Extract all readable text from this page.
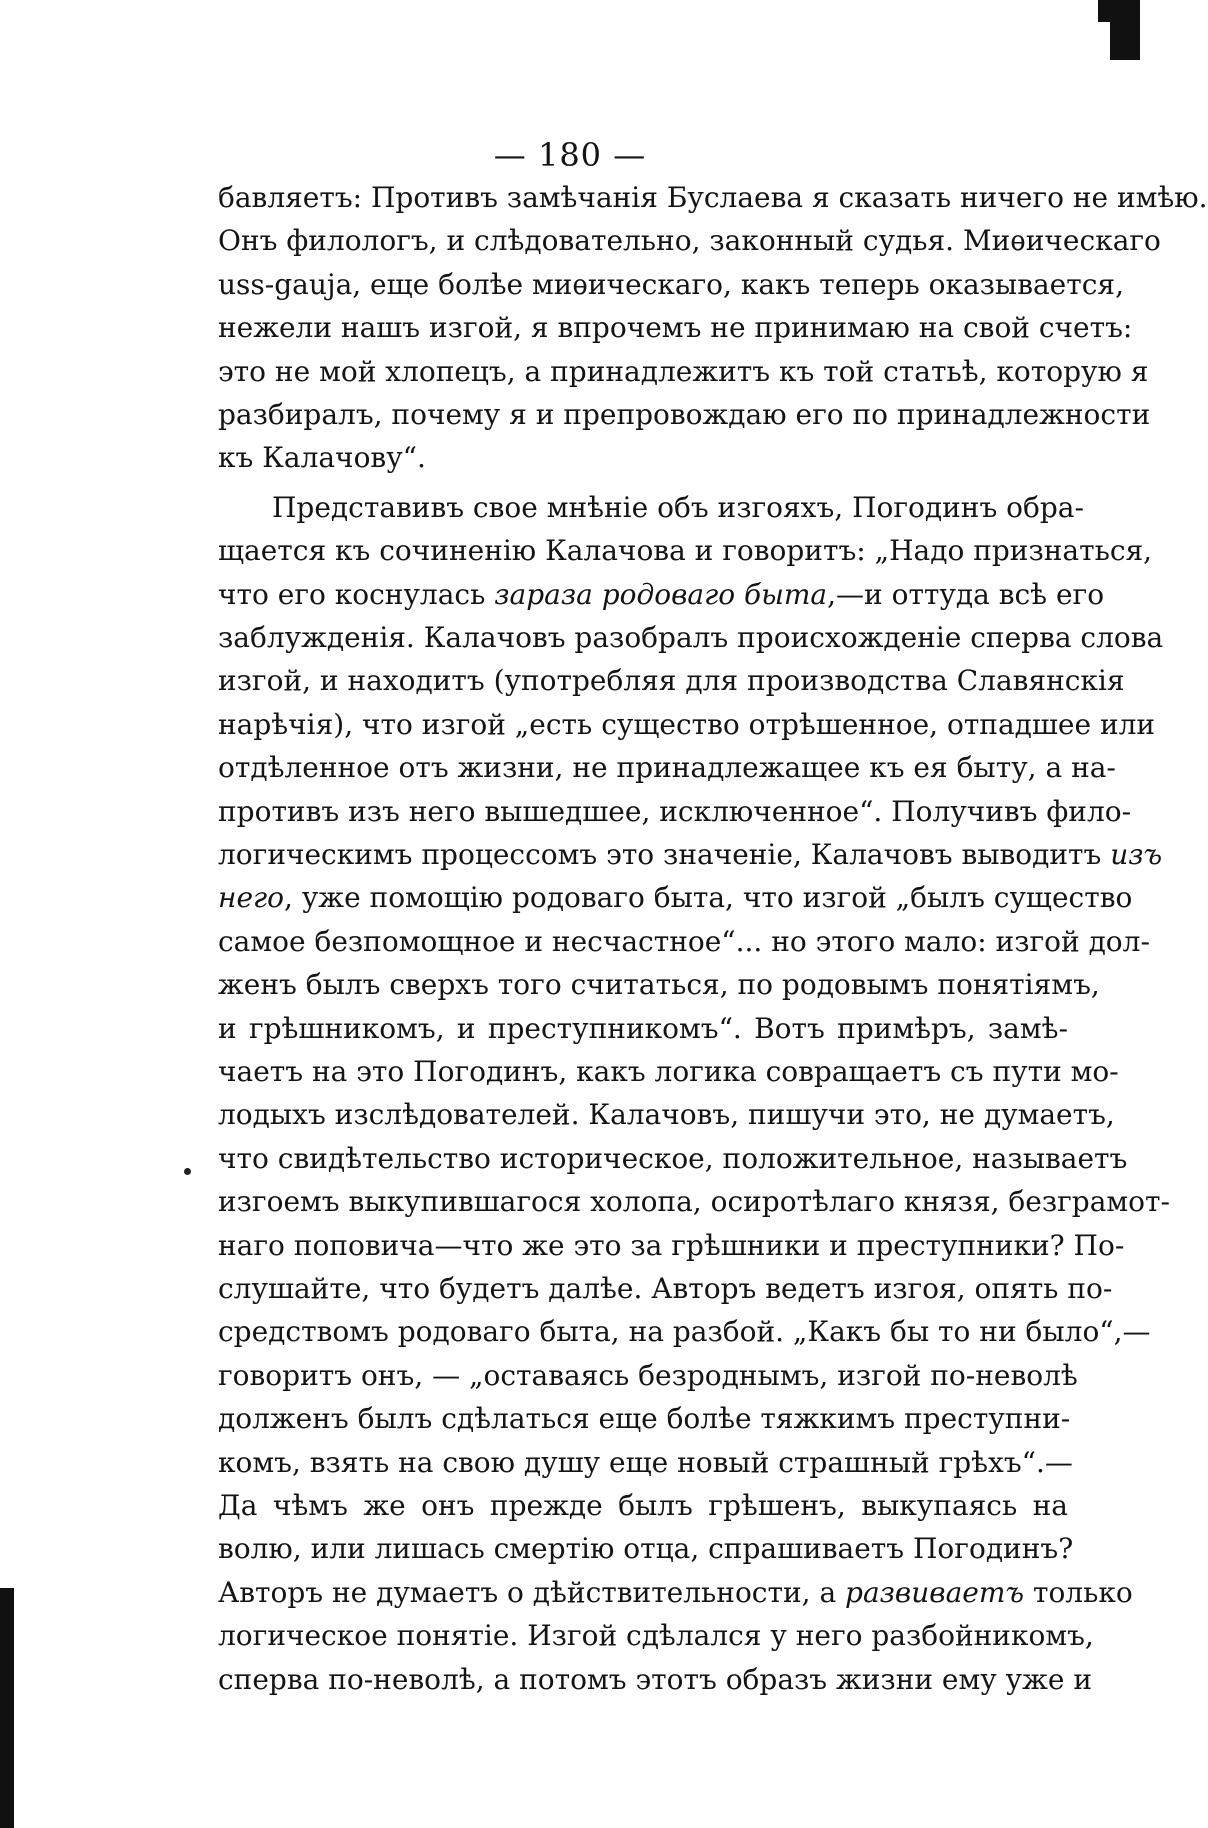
— 180 —

бавляетъ: Противъ замѣчанія Буслаева я сказать ничего не имѣю.

Онъ филологъ, и слѣдовательно, законный судья. Миѳическаго

uss-gauja, еще болѣе миѳическаго, какъ теперь оказывается,

нежели нашъ изгой, я впрочемъ не принимаю на свой счетъ:

это не мой хлопецъ, а принадлежитъ къ той статьѣ, которую я

разбиралъ, почему я и препровождаю его по принадлежности

къ Калачову“.

Представивъ свое мнѣніе объ изгояхъ, Погодинъ обра-

щается къ сочиненію Калачова и говоритъ: „Надо признаться,

что его коснулась зараза родоваго быта,—и оттуда всѣ его

заблужденія. Калачовъ разобралъ происхожденіе сперва слова

изгой, и находитъ (употребляя для производства Славянскія

нарѣчія), что изгой „есть существо отрѣшенное, отпадшее или

отдѣленное отъ жизни, не принадлежащее къ ея быту, а на-

противъ изъ него вышедшее, исключенное“. Получивъ фило-

логическимъ процессомъ это значеніе, Калачовъ выводитъ изъ

него, уже помощію родоваго быта, что изгой „былъ существо

самое безпомощное и несчастное“... но этого мало: изгой дол-

женъ былъ сверхъ того считаться, по родовымъ понятіямъ,

и грѣшникомъ, и преступникомъ“. Вотъ примѣръ, замѣ-

чаетъ на это Погодинъ, какъ логика совращаетъ съ пути мо-

лодыхъ изслѣдователей. Калачовъ, пишучи это, не думаетъ,

что свидѣтельство историческое, положительное, называетъ

изгоемъ выкупившагося холопа, осиротѣлаго князя, безграмот-

наго поповича—что же это за грѣшники и преступники? По-

слушайте, что будетъ далѣе. Авторъ ведетъ изгоя, опять по-

средствомъ родоваго быта, на разбой. „Какъ бы то ни было“,—

говоритъ онъ, — „оставаясь безроднымъ, изгой по-неволѣ

долженъ былъ сдѣлаться еще болѣе тяжкимъ преступни-

комъ, взять на свою душу еще новый страшный грѣхъ“.—

Да чѣмъ же онъ прежде былъ грѣшенъ, выкупаясь на

волю, или лишась смертію отца, спрашиваетъ Погодинъ?

Авторъ не думаетъ о дѣйствительности, а развиваетъ только

логическое понятіе. Изгой сдѣлался у него разбойникомъ,

сперва по-неволѣ, а потомъ этотъ образъ жизни ему уже и
